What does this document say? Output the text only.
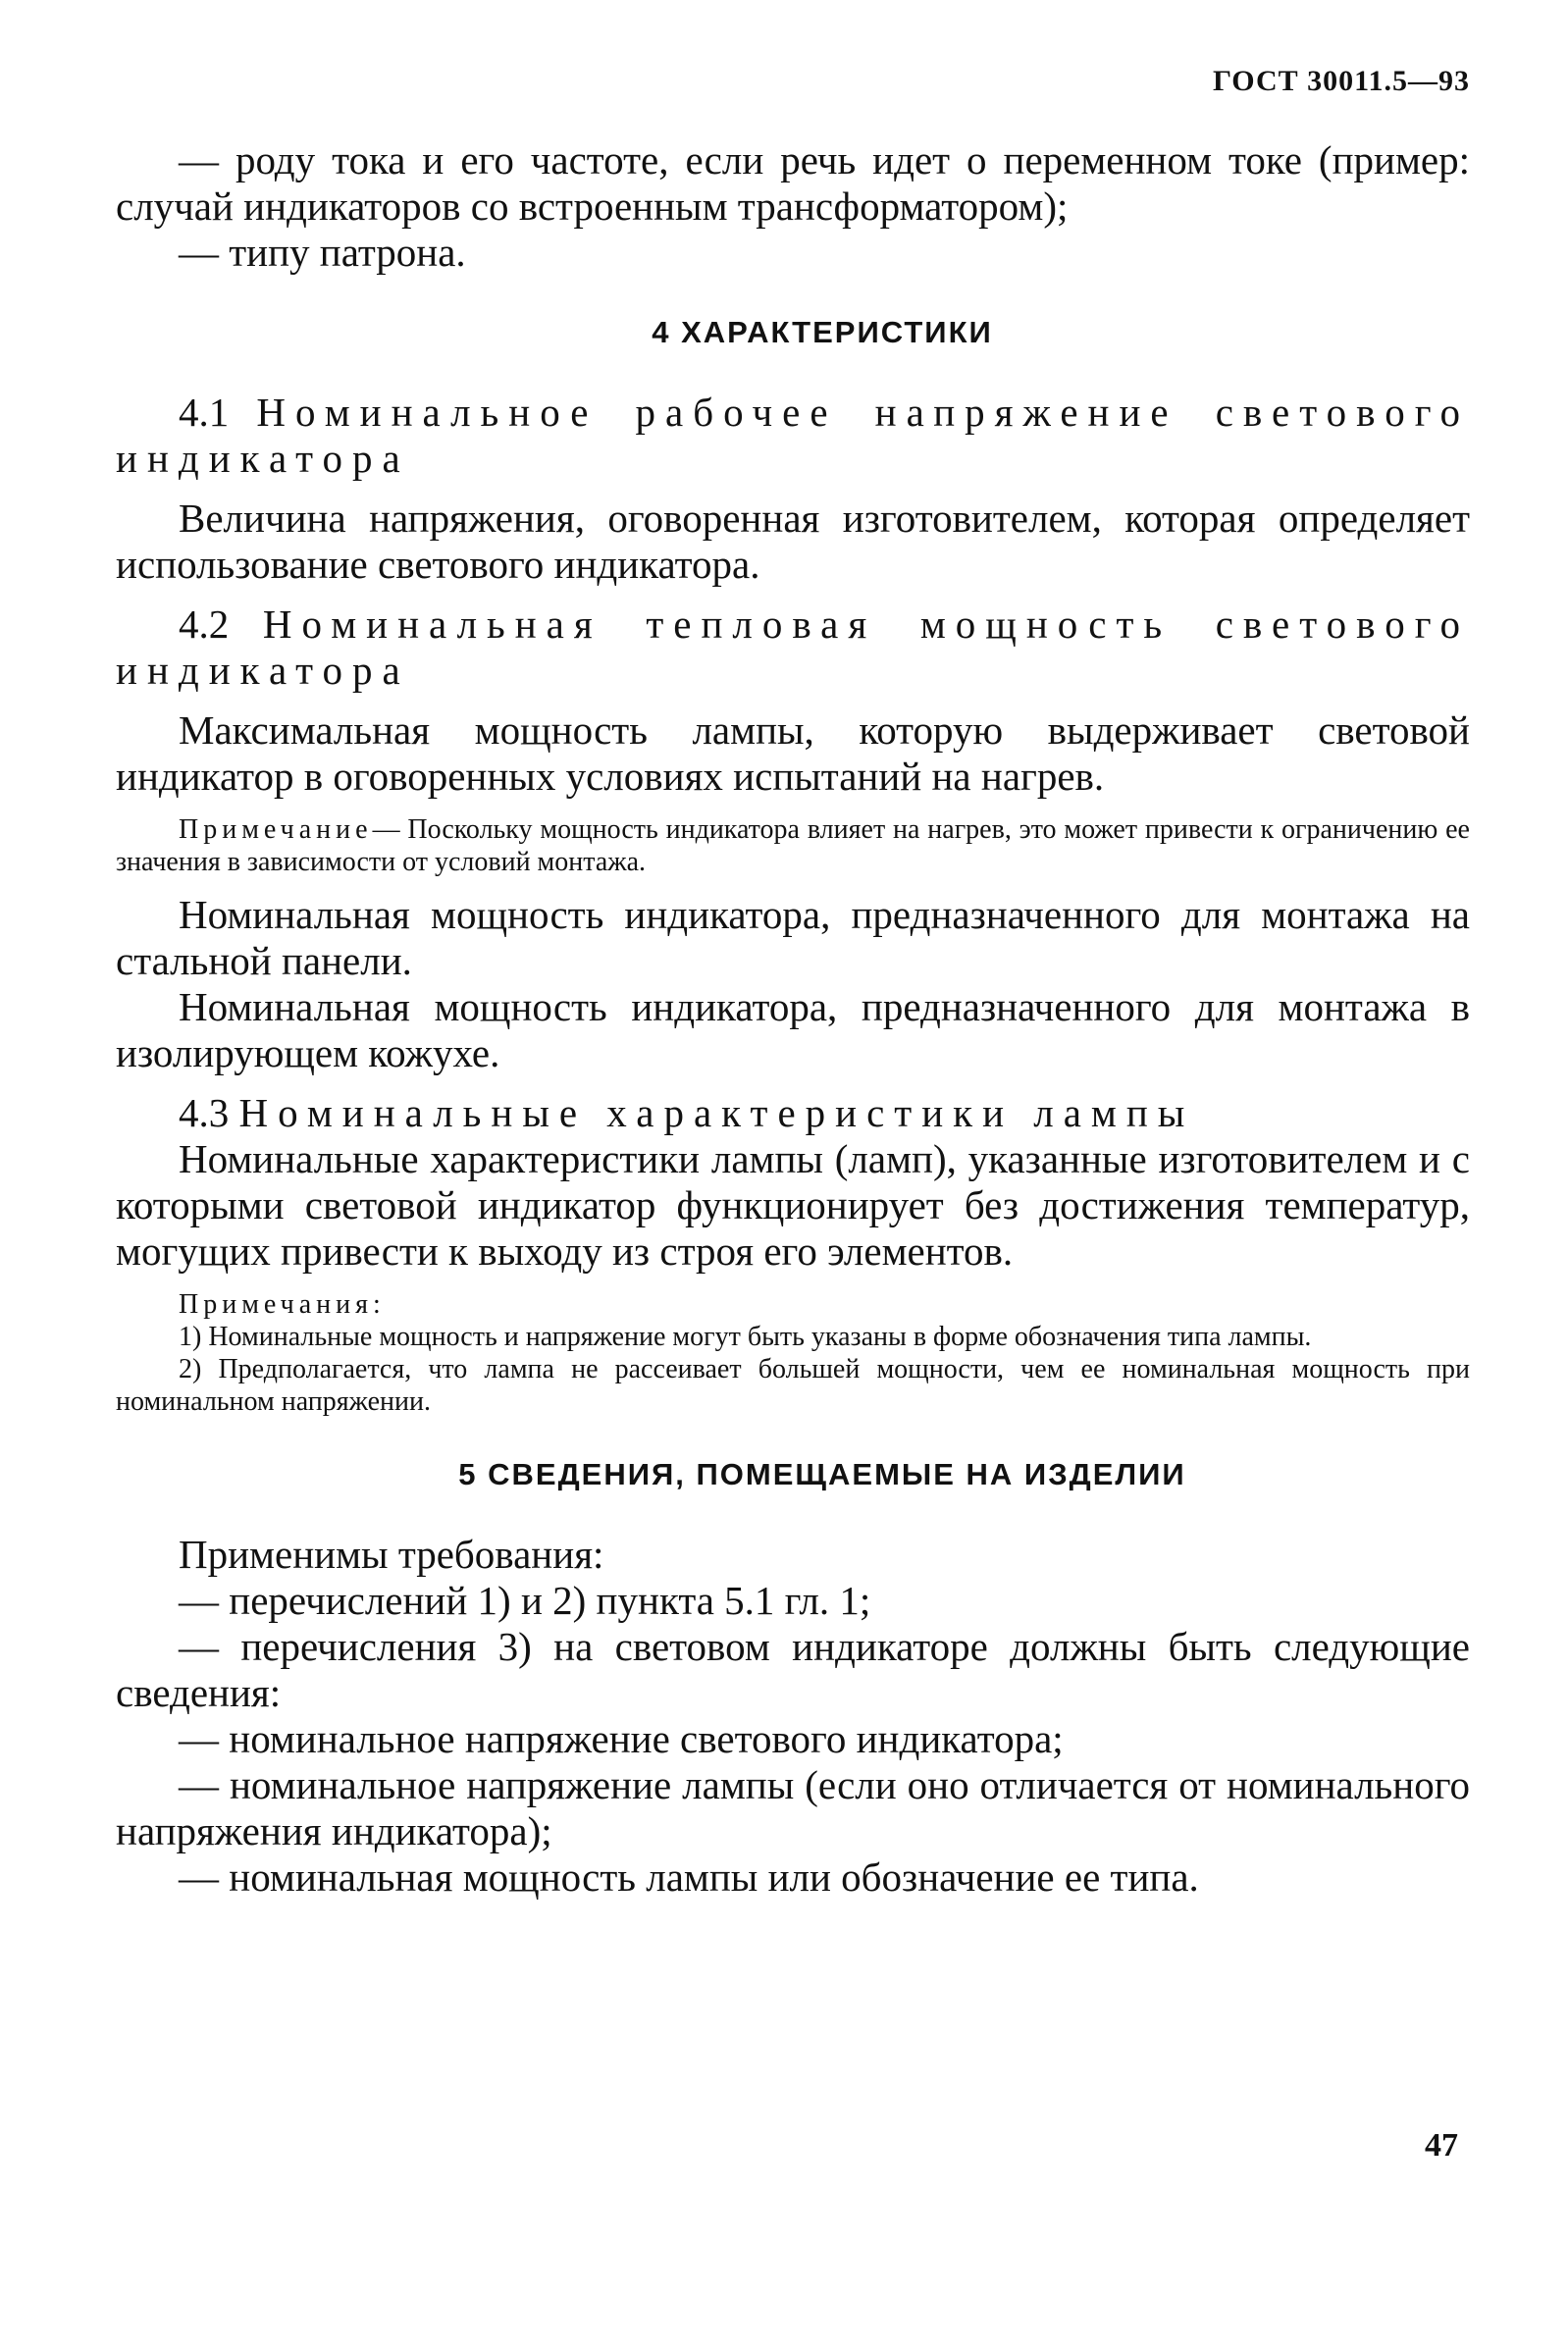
ГОСТ 30011.5—93

— роду тока и его частоте, если речь идет о переменном токе (пример: случай индикаторов со встроенным трансформатором);

— типу патрона.

4 ХАРАКТЕРИСТИКИ

4.1 Номинальное рабочее напряжение светового индикатора

Величина напряжения, оговоренная изготовителем, которая определяет использование светового индикатора.

4.2 Номинальная тепловая мощность светового индикатора

Максимальная мощность лампы, которую выдерживает световой индикатор в оговоренных условиях испытаний на нагрев.

Примечание— Поскольку мощность индикатора влияет на нагрев, это может привести к ограничению ее значения в зависимости от условий монтажа.

Номинальная мощность индикатора, предназначенного для монтажа на стальной панели.

Номинальная мощность индикатора, предназначенного для монтажа в изолирующем кожухе.

4.3 Номинальные характеристики лампы

Номинальные характеристики лампы (ламп), указанные изготовителем и с которыми световой индикатор функционирует без достижения температур, могущих привести к выходу из строя его элементов.

Примечания:

1) Номинальные мощность и напряжение могут быть указаны в форме обозначения типа лампы.

2) Предполагается, что лампа не рассеивает большей мощности, чем ее номинальная мощность при номинальном напряжении.

5 СВЕДЕНИЯ, ПОМЕЩАЕМЫЕ НА ИЗДЕЛИИ

Применимы требования:

— перечислений 1) и 2) пункта 5.1 гл. 1;

— перечисления 3) на световом индикаторе должны быть следующие сведения:

— номинальное напряжение светового индикатора;

— номинальное напряжение лампы (если оно отличается от номинального напряжения индикатора);

— номинальная мощность лампы или обозначение ее типа.

47
